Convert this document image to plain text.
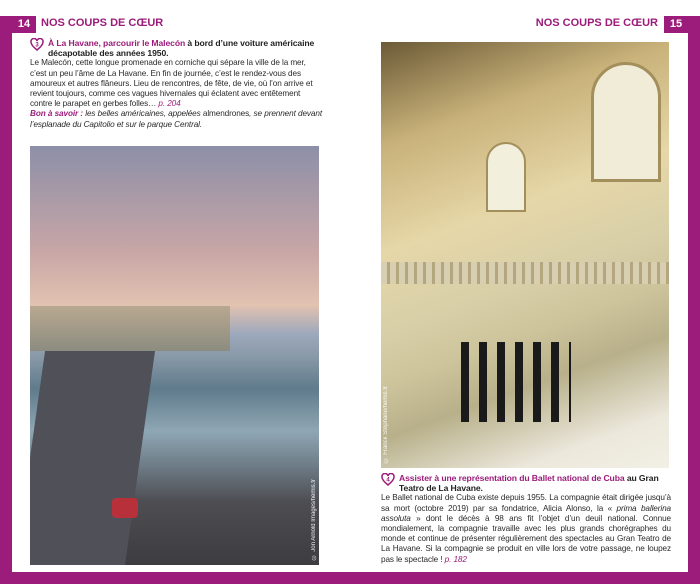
14 NOS COUPS DE CŒUR	15
NOS COUPS DE CŒUR
3	À La Havane, parcourir le Malecón à bord d’une voiture américaine décapotable des années 1950.
Le Malecón, cette longue promenade en corniche qui sépare la ville de la mer, c’est un peu l’âme de La Havane. En fin de journée, c’est le rendez-vous des amoureux et autres flâneurs. Lieu de rencontres, de fête, de vie, où l’on arrive et revient toujours, comme ces vagues hivernales qui éclatent avec entêtement contre le parapet en gerbes folles… p. 204
Bon à savoir : les belles américaines, appelées almendrones, se prennent devant l’esplanade du Capitolio et sur le parque Central.
© Jon Arnold Images/hemis.fr
© Franck Stephane/hemis.fr
4	Assister à une représentation du Ballet national de Cuba au Gran Teatro de La Havane.
Le Ballet national de Cuba existe depuis 1955. La compagnie était dirigée jusqu’à sa mort (octobre 2019) par sa fondatrice, Alicia Alonso, la « prima ballerina assoluta » dont le décès à 98 ans fit l’objet d’un deuil national. Connue mondialement, la compagnie travaille avec les plus grands chorégraphes du monde et continue de présenter régulièrement des spectacles au Gran Teatro de La Havane. Si la compagnie se produit en ville lors de votre passage, ne loupez pas le spectacle ! p. 182
